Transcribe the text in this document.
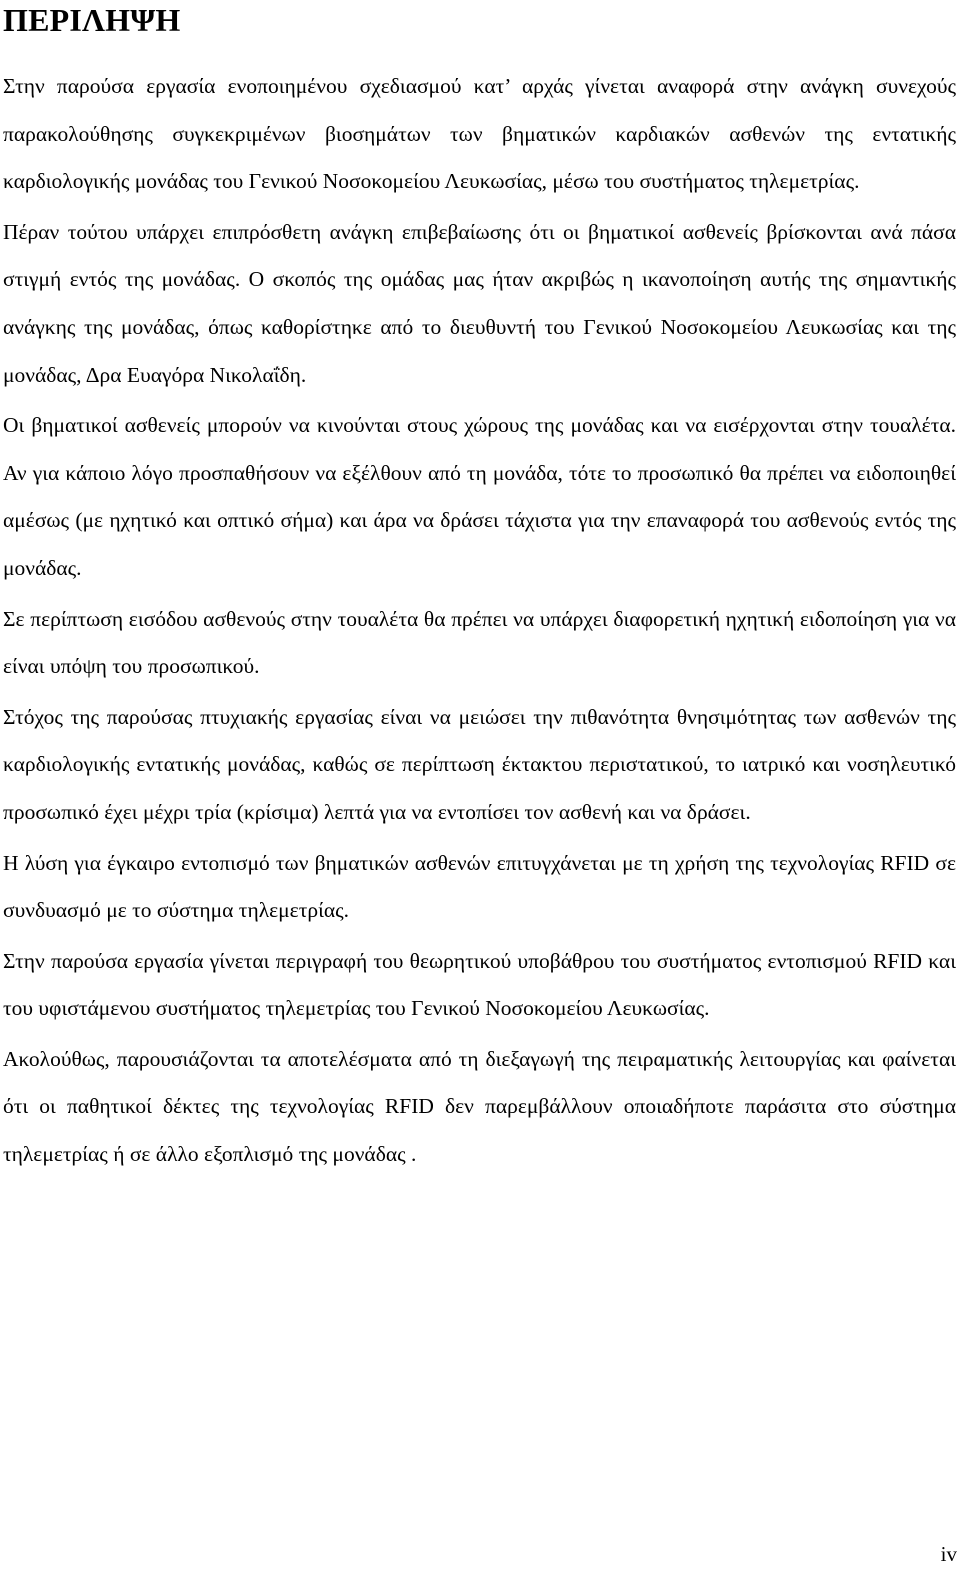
ΠΕΡΙΛΗΨΗ

Στην παρούσα εργασία ενοποιημένου σχεδιασμού κατ’ αρχάς γίνεται αναφορά στην ανάγκη συνεχούς παρακολούθησης συγκεκριμένων βιοσημάτων των βηματικών καρδιακών ασθενών της εντατικής καρδιολογικής μονάδας του Γενικού Νοσοκομείου Λευκωσίας, μέσω του συστήματος τηλεμετρίας.

Πέραν τούτου υπάρχει επιπρόσθετη ανάγκη επιβεβαίωσης ότι οι βηματικοί ασθενείς βρίσκονται ανά πάσα στιγμή εντός της μονάδας. Ο σκοπός της ομάδας μας ήταν ακριβώς η ικανοποίηση αυτής της σημαντικής ανάγκης της μονάδας, όπως καθορίστηκε από το διευθυντή του Γενικού Νοσοκομείου Λευκωσίας και της μονάδας, Δρα Ευαγόρα Νικολαΐδη.

Οι βηματικοί ασθενείς μπορούν να κινούνται στους χώρους της μονάδας και να εισέρχονται στην τουαλέτα. Αν για κάποιο λόγο προσπαθήσουν να εξέλθουν από τη μονάδα, τότε το προσωπικό θα πρέπει να ειδοποιηθεί αμέσως (με ηχητικό και οπτικό σήμα) και άρα να δράσει τάχιστα για την επαναφορά του ασθενούς εντός της μονάδας.

Σε περίπτωση εισόδου ασθενούς στην τουαλέτα θα πρέπει να υπάρχει διαφορετική ηχητική ειδοποίηση για να είναι υπόψη του προσωπικού.

Στόχος της παρούσας πτυχιακής εργασίας είναι να μειώσει την πιθανότητα θνησιμότητας των ασθενών της καρδιολογικής εντατικής μονάδας, καθώς σε περίπτωση έκτακτου περιστατικού, το ιατρικό και νοσηλευτικό προσωπικό έχει μέχρι τρία (κρίσιμα) λεπτά για να εντοπίσει τον ασθενή και να δράσει.

Η λύση για έγκαιρο εντοπισμό των βηματικών ασθενών επιτυγχάνεται με τη χρήση της τεχνολογίας RFID σε συνδυασμό με το σύστημα τηλεμετρίας.

Στην παρούσα εργασία γίνεται περιγραφή του θεωρητικού υποβάθρου του συστήματος εντοπισμού RFID και του υφιστάμενου συστήματος τηλεμετρίας του Γενικού Νοσοκομείου Λευκωσίας.

Ακολούθως, παρουσιάζονται τα αποτελέσματα από τη διεξαγωγή της πειραματικής λειτουργίας και φαίνεται ότι οι παθητικοί δέκτες της τεχνολογίας RFID δεν παρεμβάλλουν οποιαδήποτε παράσιτα στο σύστημα τηλεμετρίας ή σε άλλο εξοπλισμό της μονάδας .

iv
